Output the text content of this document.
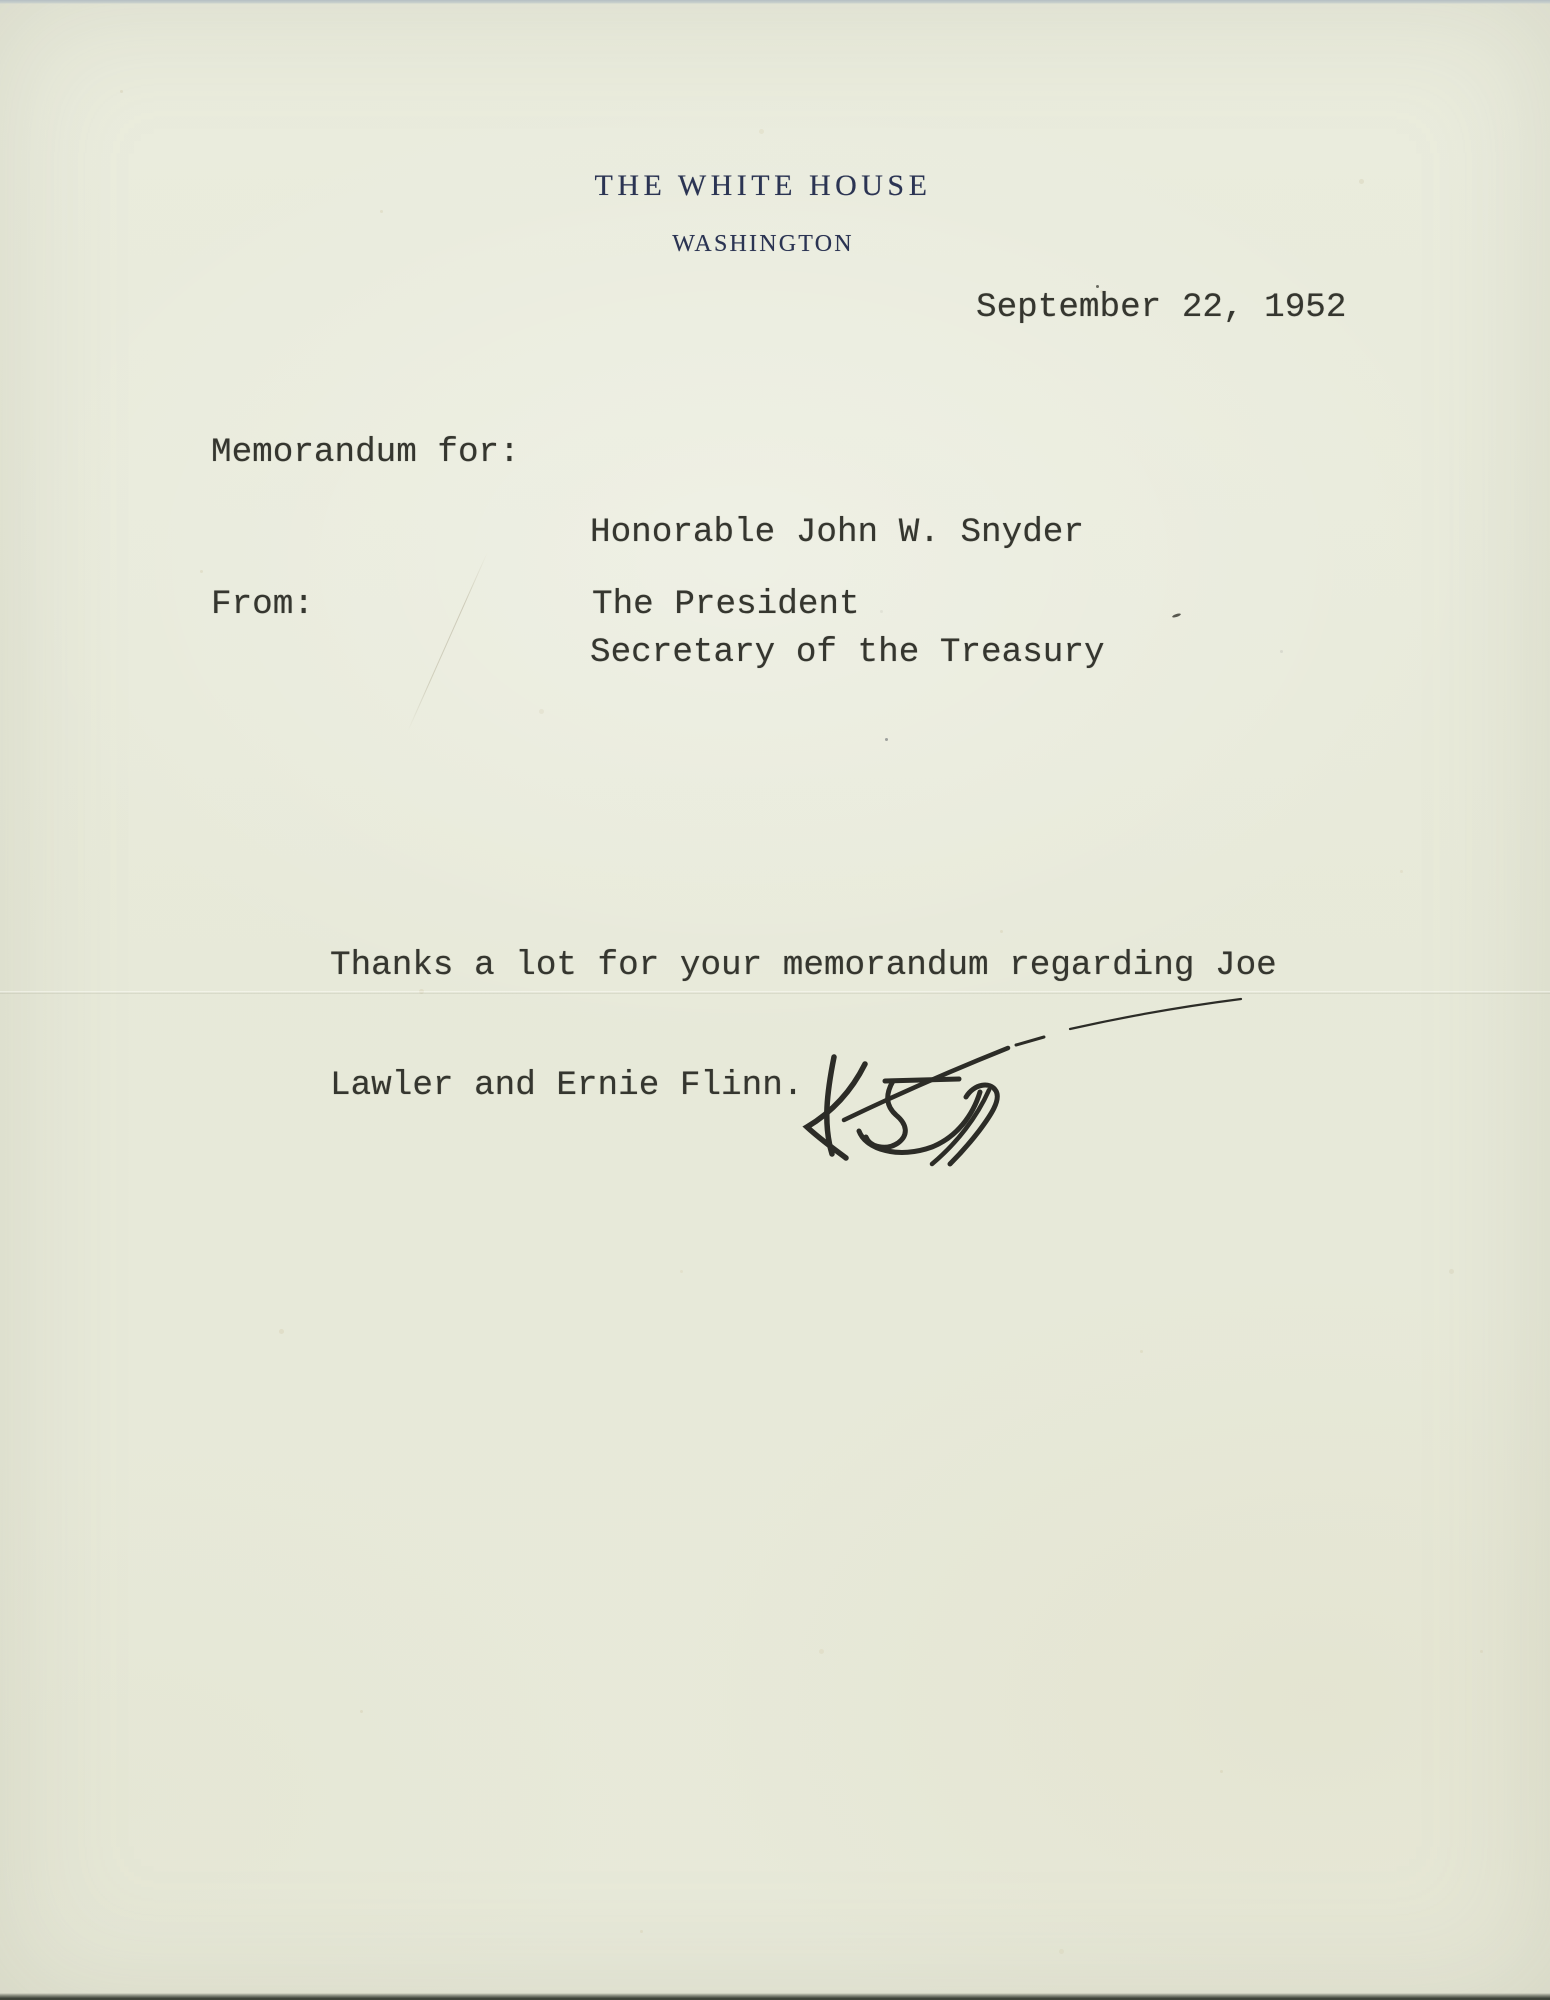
THE WHITE HOUSE
WASHINGTON
September 22, 1952
Memorandum for:

Honorable John W. Snyder

Secretary of the Treasury

From:	The President

Thanks a lot for your memorandum regarding Joe

Lawler and Ernie Flinn.
